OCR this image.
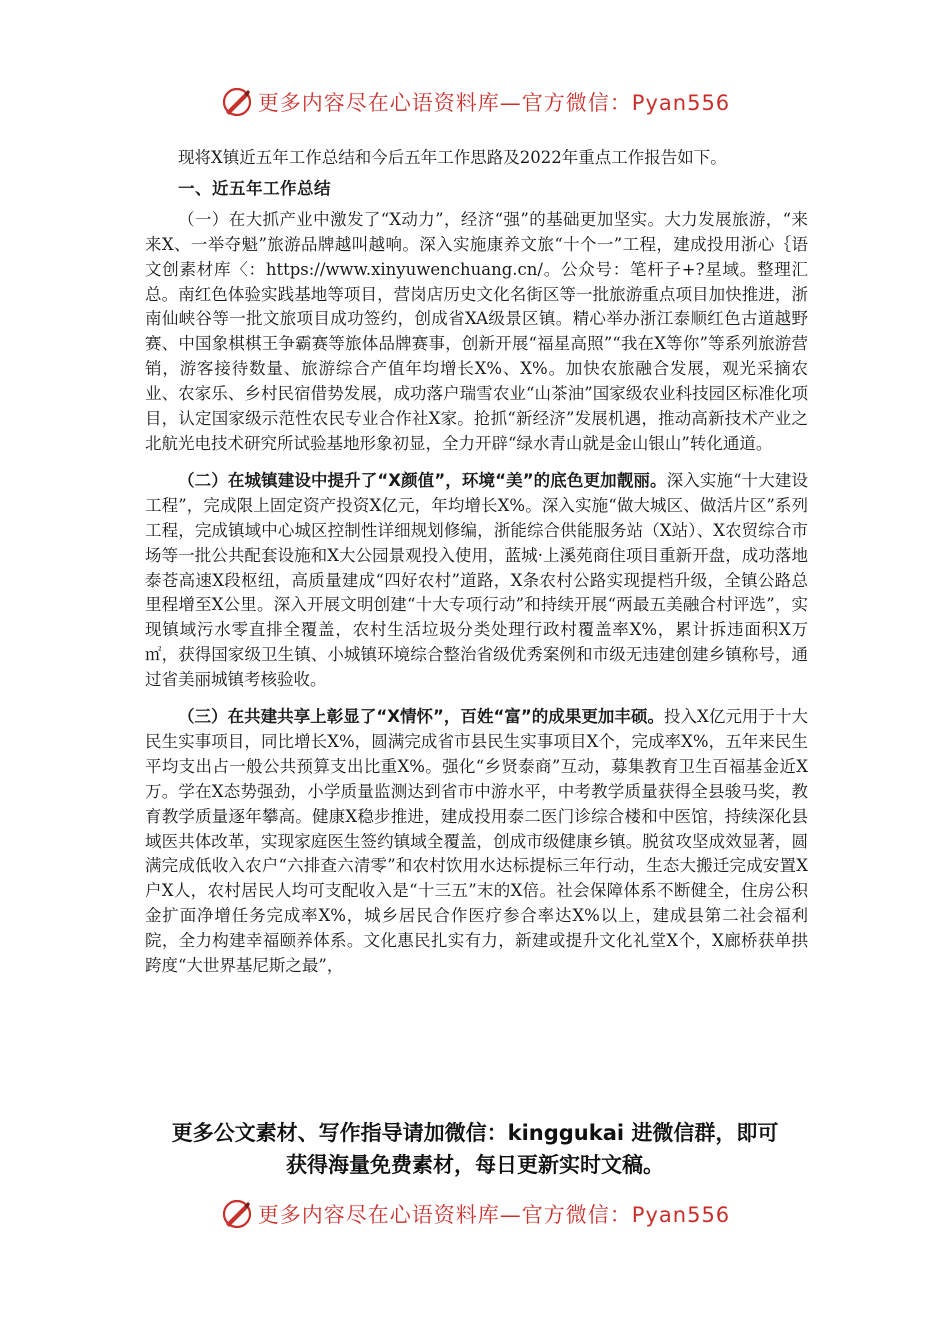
更多内容尽在心语资料库—官方微信：Pyan556

现将X镇近五年工作总结和今后五年工作思路及2022年重点工作报告如下。

一、近五年工作总结

（一）在大抓产业中激发了“X动力”，经济“强”的基础更加坚实。大力发展旅游，“来来X、一举夺魁”旅游品牌越叫越响。深入实施康养文旅“十个一”工程，建成投用浙心｛语文创素材库〈：https://www.xinyuwenchuang.cn/。公众号：笔杆子+?星域。整理汇总。南红色体验实践基地等项目，营岗店历史文化名街区等一批旅游重点项目加快推进，浙南仙峡谷等一批文旅项目成功签约，创成省XA级景区镇。精心举办浙江泰顺红色古道越野赛、中国象棋棋王争霸赛等旅体品牌赛事，创新开展“福星高照”“我在X等你”等系列旅游营销，游客接待数量、旅游综合产值年均增长X%、X%。加快农旅融合发展，观光采摘农业、农家乐、乡村民宿借势发展，成功落户瑞雪农业“山茶油”国家级农业科技园区标准化项目，认定国家级示范性农民专业合作社X家。抢抓“新经济”发展机遇，推动高新技术产业之北航光电技术研究所试验基地形象初显，全力开辟“绿水青山就是金山银山”转化通道。

（二）在城镇建设中提升了“X颜值”，环境“美”的底色更加靓丽。深入实施“十大建设工程”，完成限上固定资产投资X亿元，年均增长X%。深入实施“做大城区、做活片区”系列工程，完成镇域中心城区控制性详细规划修编，浙能综合供能服务站（X站）、X农贸综合市场等一批公共配套设施和X大公园景观投入使用，蓝城·上溪苑商住项目重新开盘，成功落地泰苍高速X段枢纽，高质量建成“四好农村”道路，X条农村公路实现提档升级，全镇公路总里程增至X公里。深入开展文明创建“十大专项行动”和持续开展“两最五美融合村评选”，实现镇域污水零直排全覆盖，农村生活垃圾分类处理行政村覆盖率X%，累计拆违面积X万㎡，获得国家级卫生镇、小城镇环境综合整治省级优秀案例和市级无违建创建乡镇称号，通过省美丽城镇考核验收。

（三）在共建共享上彰显了“X情怀”，百姓“富”的成果更加丰硕。投入X亿元用于十大民生实事项目，同比增长X%，圆满完成省市县民生实事项目X个，完成率X%，五年来民生平均支出占一般公共预算支出比重X%。强化“乡贤泰商”互动，募集教育卫生百福基金近X万。学在X态势强劲，小学质量监测达到省市中游水平，中考教学质量获得全县骏马奖，教育教学质量逐年攀高。健康X稳步推进，建成投用泰二医门诊综合楼和中医馆，持续深化县域医共体改革，实现家庭医生签约镇域全覆盖，创成市级健康乡镇。脱贫攻坚成效显著，圆满完成低收入农户“六排查六清零”和农村饮用水达标提标三年行动，生态大搬迁完成安置X户X人，农村居民人均可支配收入是“十三五”末的X倍。社会保障体系不断健全，住房公积金扩面净增任务完成率X%，城乡居民合作医疗参合率达X%以上，建成县第二社会福利院，全力构建幸福颐养体系。文化惠民扎实有力，新建或提升文化礼堂X个，X廊桥获单拱跨度“大世界基尼斯之最”，

更多公文素材、写作指导请加微信：kinggukai 进微信群，即可
获得海量免费素材，每日更新实时文稿。
更多内容尽在心语资料库—官方微信：Pyan556
